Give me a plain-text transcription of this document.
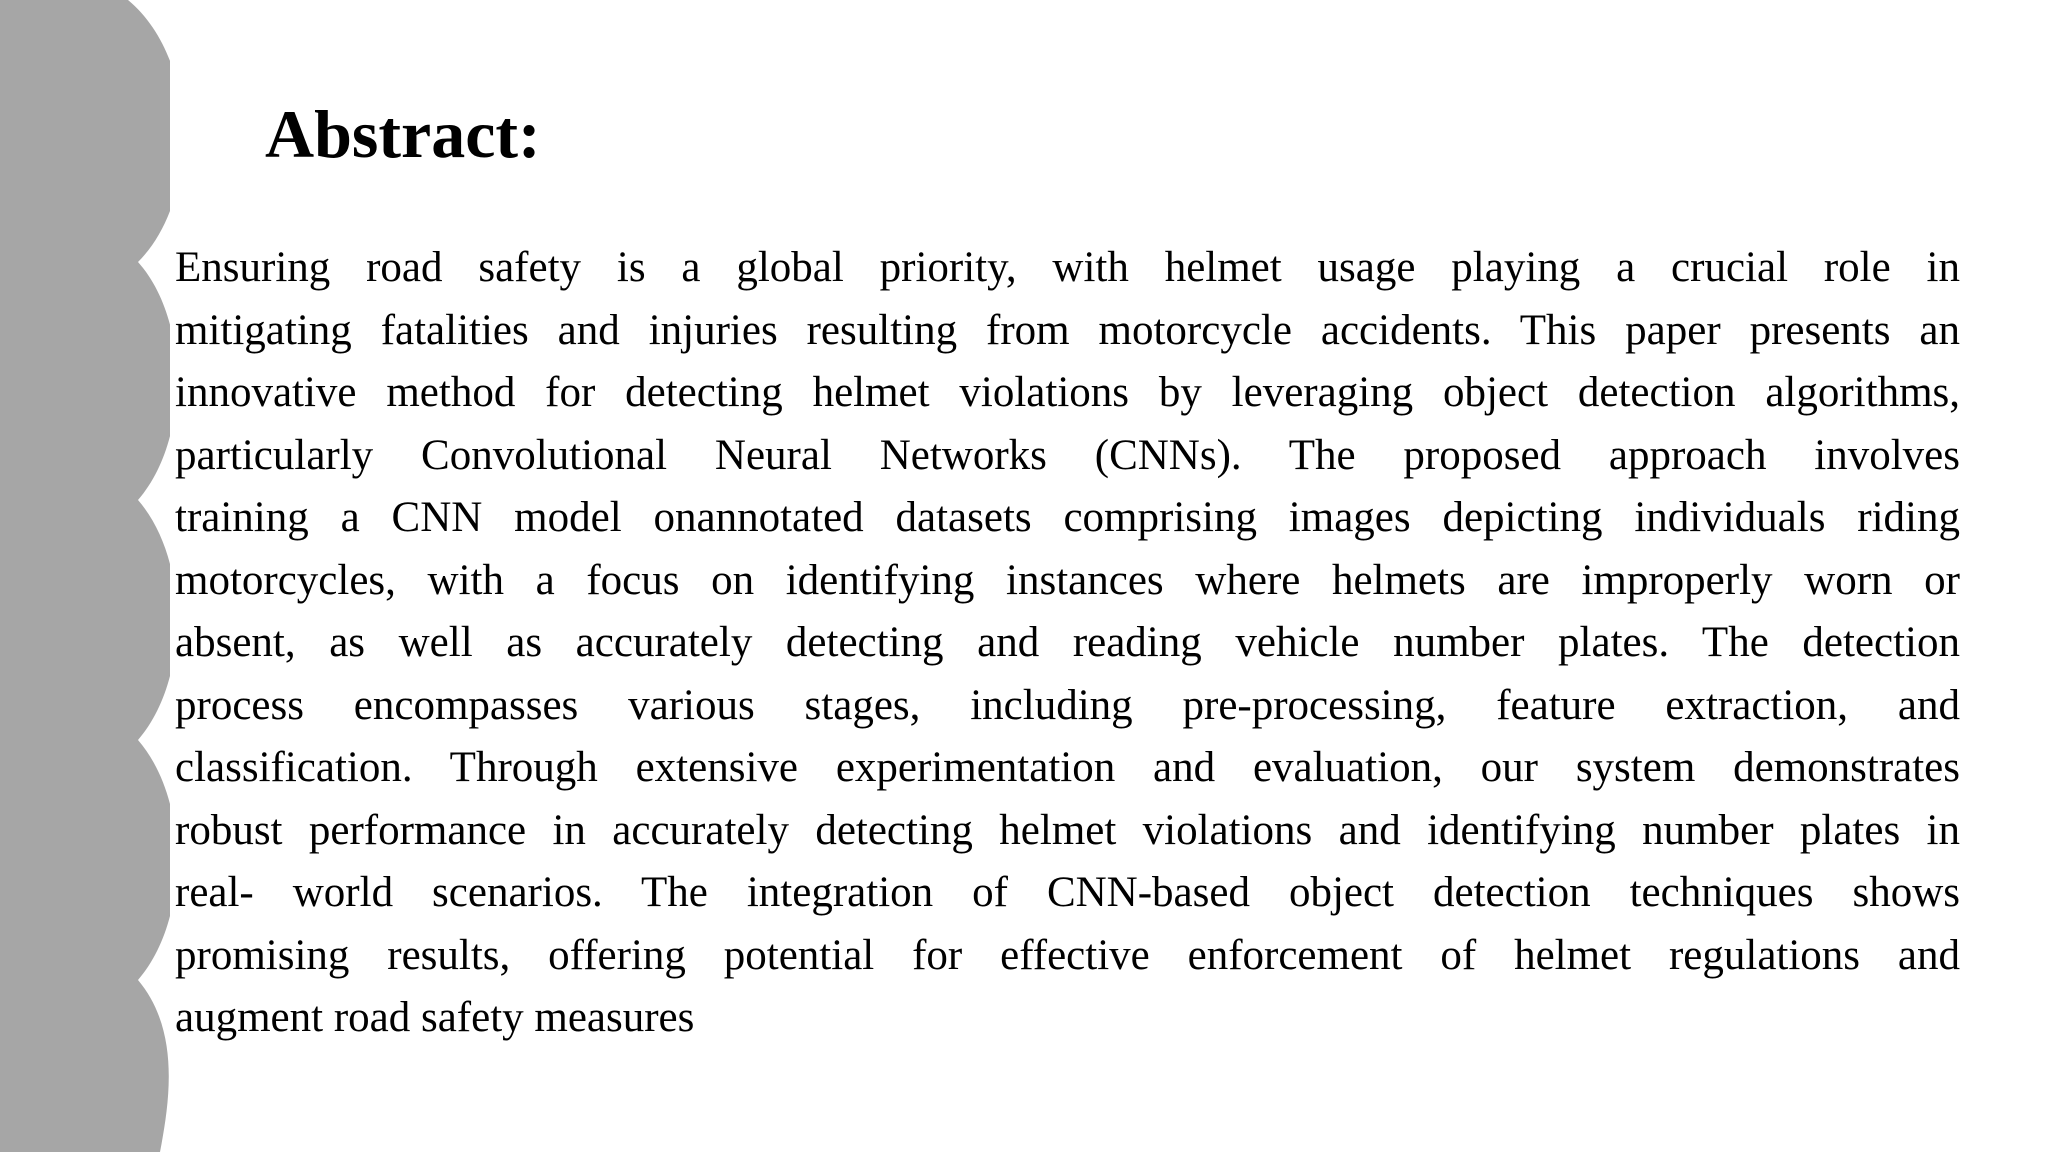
Abstract:
Ensuring road safety is a global priority, with helmet usage playing a crucial role in
mitigating fatalities and injuries resulting from motorcycle accidents. This paper presents an
innovative method for detecting helmet violations by leveraging object detection algorithms,
particularly Convolutional Neural Networks (CNNs). The proposed approach involves
training a CNN model onannotated datasets comprising images depicting individuals riding
motorcycles, with a focus on identifying instances where helmets are improperly worn or
absent, as well as accurately detecting and reading vehicle number plates. The detection
process encompasses various stages, including pre-processing, feature extraction, and
classification. Through extensive experimentation and evaluation, our system demonstrates
robust performance in accurately detecting helmet violations and identifying number plates in
real- world scenarios. The integration of CNN-based object detection techniques shows
promising results, offering potential for effective enforcement of helmet regulations and
augment road safety measures
